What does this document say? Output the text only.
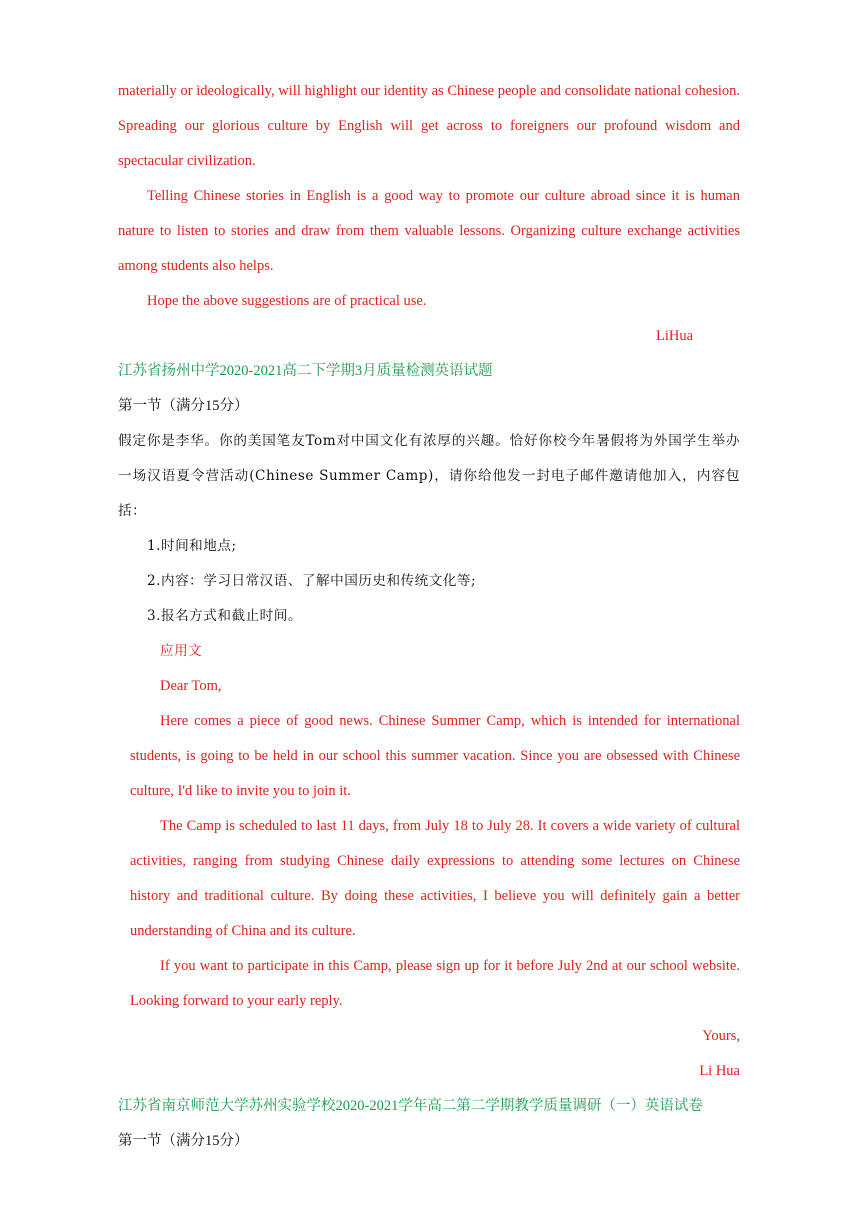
materially or ideologically, will highlight our identity as Chinese people and consolidate national cohesion. Spreading our glorious culture by English will get across to foreigners our profound wisdom and spectacular civilization.

Telling Chinese stories in English is a good way to promote our culture abroad since it is human nature to listen to stories and draw from them valuable lessons. Organizing culture exchange activities among students also helps.

Hope the above suggestions are of practical use.

LiHua

江苏省扬州中学2020-2021高二下学期3月质量检测英语试题

第一节（满分15分）

假定你是李华。你的美国笔友Tom对中国文化有浓厚的兴趣。恰好你校今年暑假将为外国学生举办一场汉语夏令营活动(Chinese Summer Camp)，请你给他发一封电子邮件邀请他加入，内容包括：

1.时间和地点;

2.内容：学习日常汉语、了解中国历史和传统文化等;

3.报名方式和截止时间。

应用文

Dear Tom,

Here comes a piece of good news. Chinese Summer Camp, which is intended for international students, is going to be held in our school this summer vacation. Since you are obsessed with Chinese culture, I'd like to invite you to join it.

The Camp is scheduled to last 11 days, from July 18 to July 28. It covers a wide variety of cultural activities, ranging from studying Chinese daily expressions to attending some lectures on Chinese history and traditional culture. By doing these activities, I believe you will definitely gain a better understanding of China and its culture.

If you want to participate in this Camp, please sign up for it before July 2nd at our school website. Looking forward to your early reply.

Yours,

Li Hua

江苏省南京师范大学苏州实验学校2020-2021学年高二第二学期教学质量调研（一）英语试卷

第一节（满分15分）
